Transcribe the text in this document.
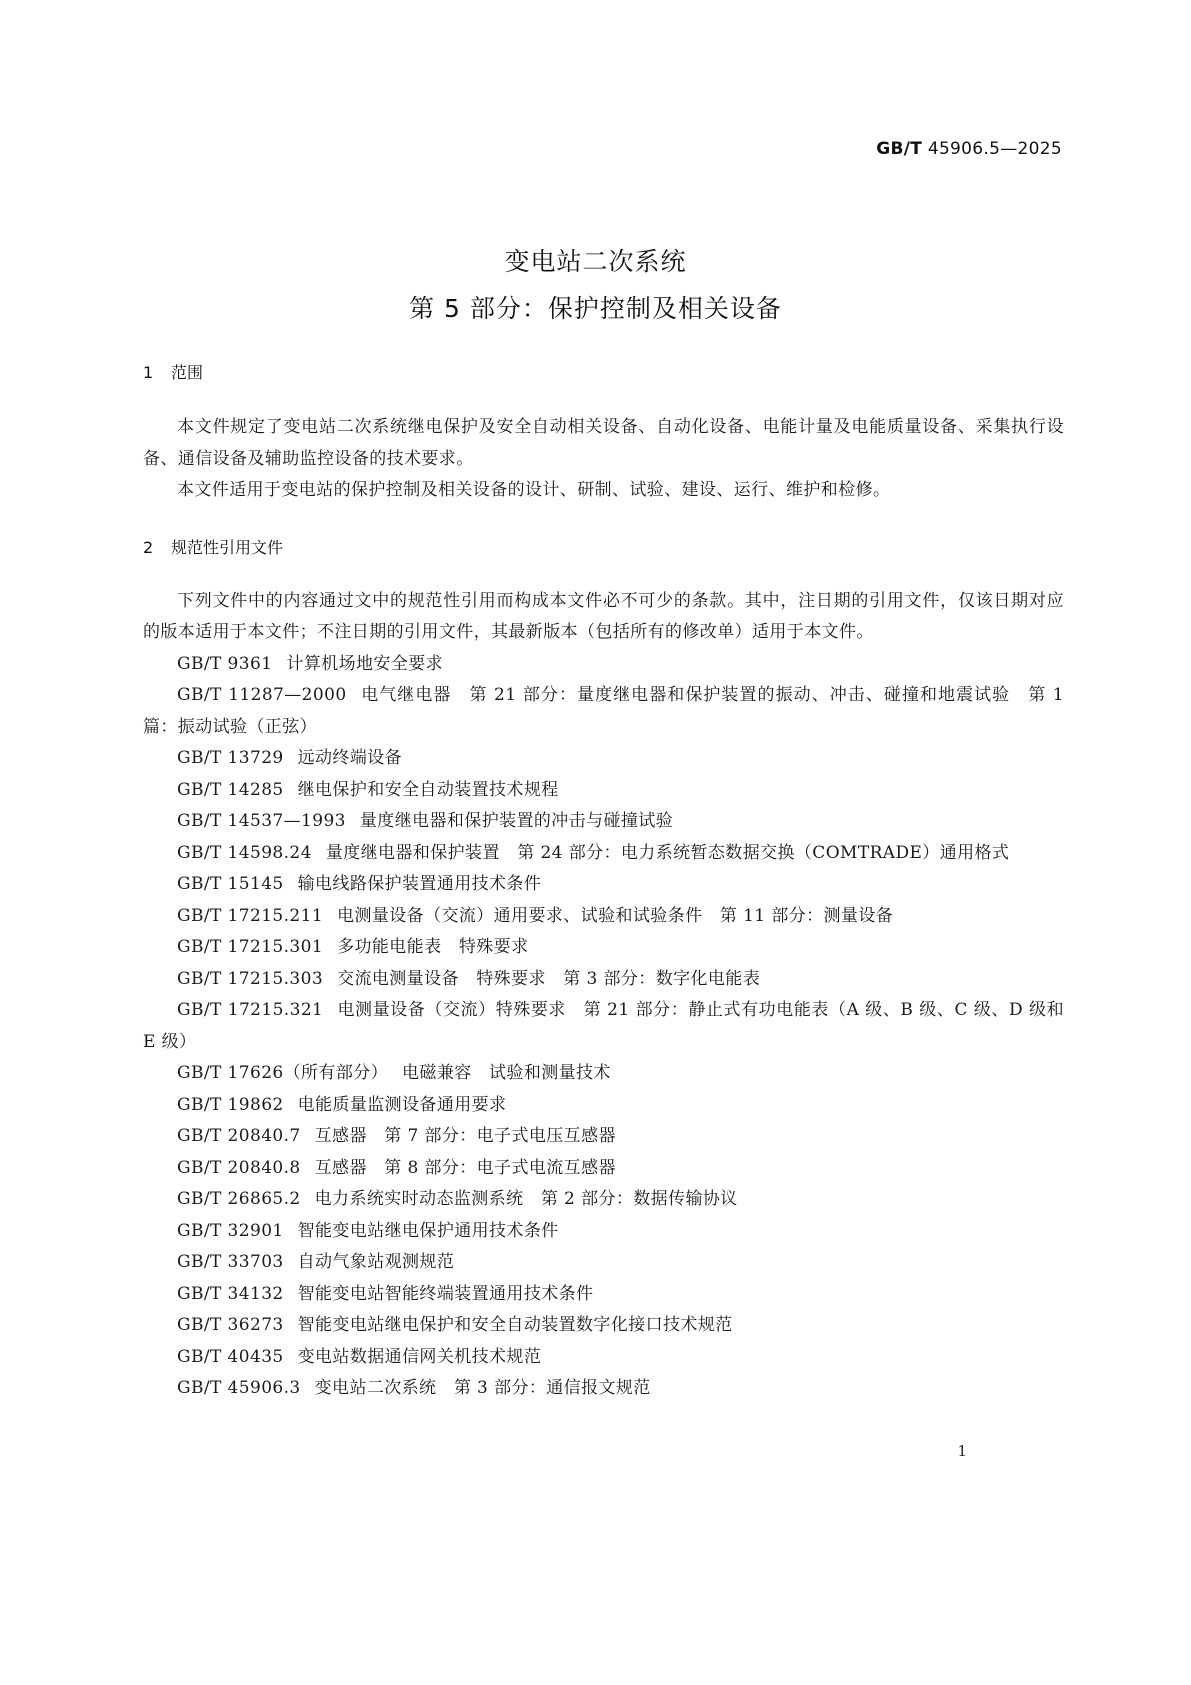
GB/T 45906.5—2025
变电站二次系统
第 5 部分：保护控制及相关设备
1 范围

本文件规定了变电站二次系统继电保护及安全自动相关设备、自动化设备、电能计量及电能质量设备、采集执行设备、通信设备及辅助监控设备的技术要求。

本文件适用于变电站的保护控制及相关设备的设计、研制、试验、建设、运行、维护和检修。

2 规范性引用文件

下列文件中的内容通过文中的规范性引用而构成本文件必不可少的条款。其中，注日期的引用文件，仅该日期对应的版本适用于本文件；不注日期的引用文件，其最新版本（包括所有的修改单）适用于本文件。

GB/T 9361 计算机场地安全要求
GB/T 11287—2000 电气继电器　第 21 部分：量度继电器和保护装置的振动、冲击、碰撞和地震试验　第 1 篇：振动试验（正弦）
GB/T 13729 远动终端设备
GB/T 14285 继电保护和安全自动装置技术规程
GB/T 14537—1993 量度继电器和保护装置的冲击与碰撞试验
GB/T 14598.24 量度继电器和保护装置　第 24 部分：电力系统暂态数据交换（COMTRADE）通用格式
GB/T 15145 输电线路保护装置通用技术条件
GB/T 17215.211 电测量设备（交流）通用要求、试验和试验条件　第 11 部分：测量设备
GB/T 17215.301 多功能电能表　特殊要求
GB/T 17215.303 交流电测量设备　特殊要求　第 3 部分：数字化电能表
GB/T 17215.321 电测量设备（交流）特殊要求　第 21 部分：静止式有功电能表（A 级、B 级、C 级、D 级和 E 级）
GB/T 17626（所有部分） 电磁兼容　试验和测量技术
GB/T 19862 电能质量监测设备通用要求
GB/T 20840.7 互感器　第 7 部分：电子式电压互感器
GB/T 20840.8 互感器　第 8 部分：电子式电流互感器
GB/T 26865.2 电力系统实时动态监测系统　第 2 部分：数据传输协议
GB/T 32901 智能变电站继电保护通用技术条件
GB/T 33703 自动气象站观测规范
GB/T 34132 智能变电站智能终端装置通用技术条件
GB/T 36273 智能变电站继电保护和安全自动装置数字化接口技术规范
GB/T 40435 变电站数据通信网关机技术规范
GB/T 45906.3 变电站二次系统　第 3 部分：通信报文规范
1
